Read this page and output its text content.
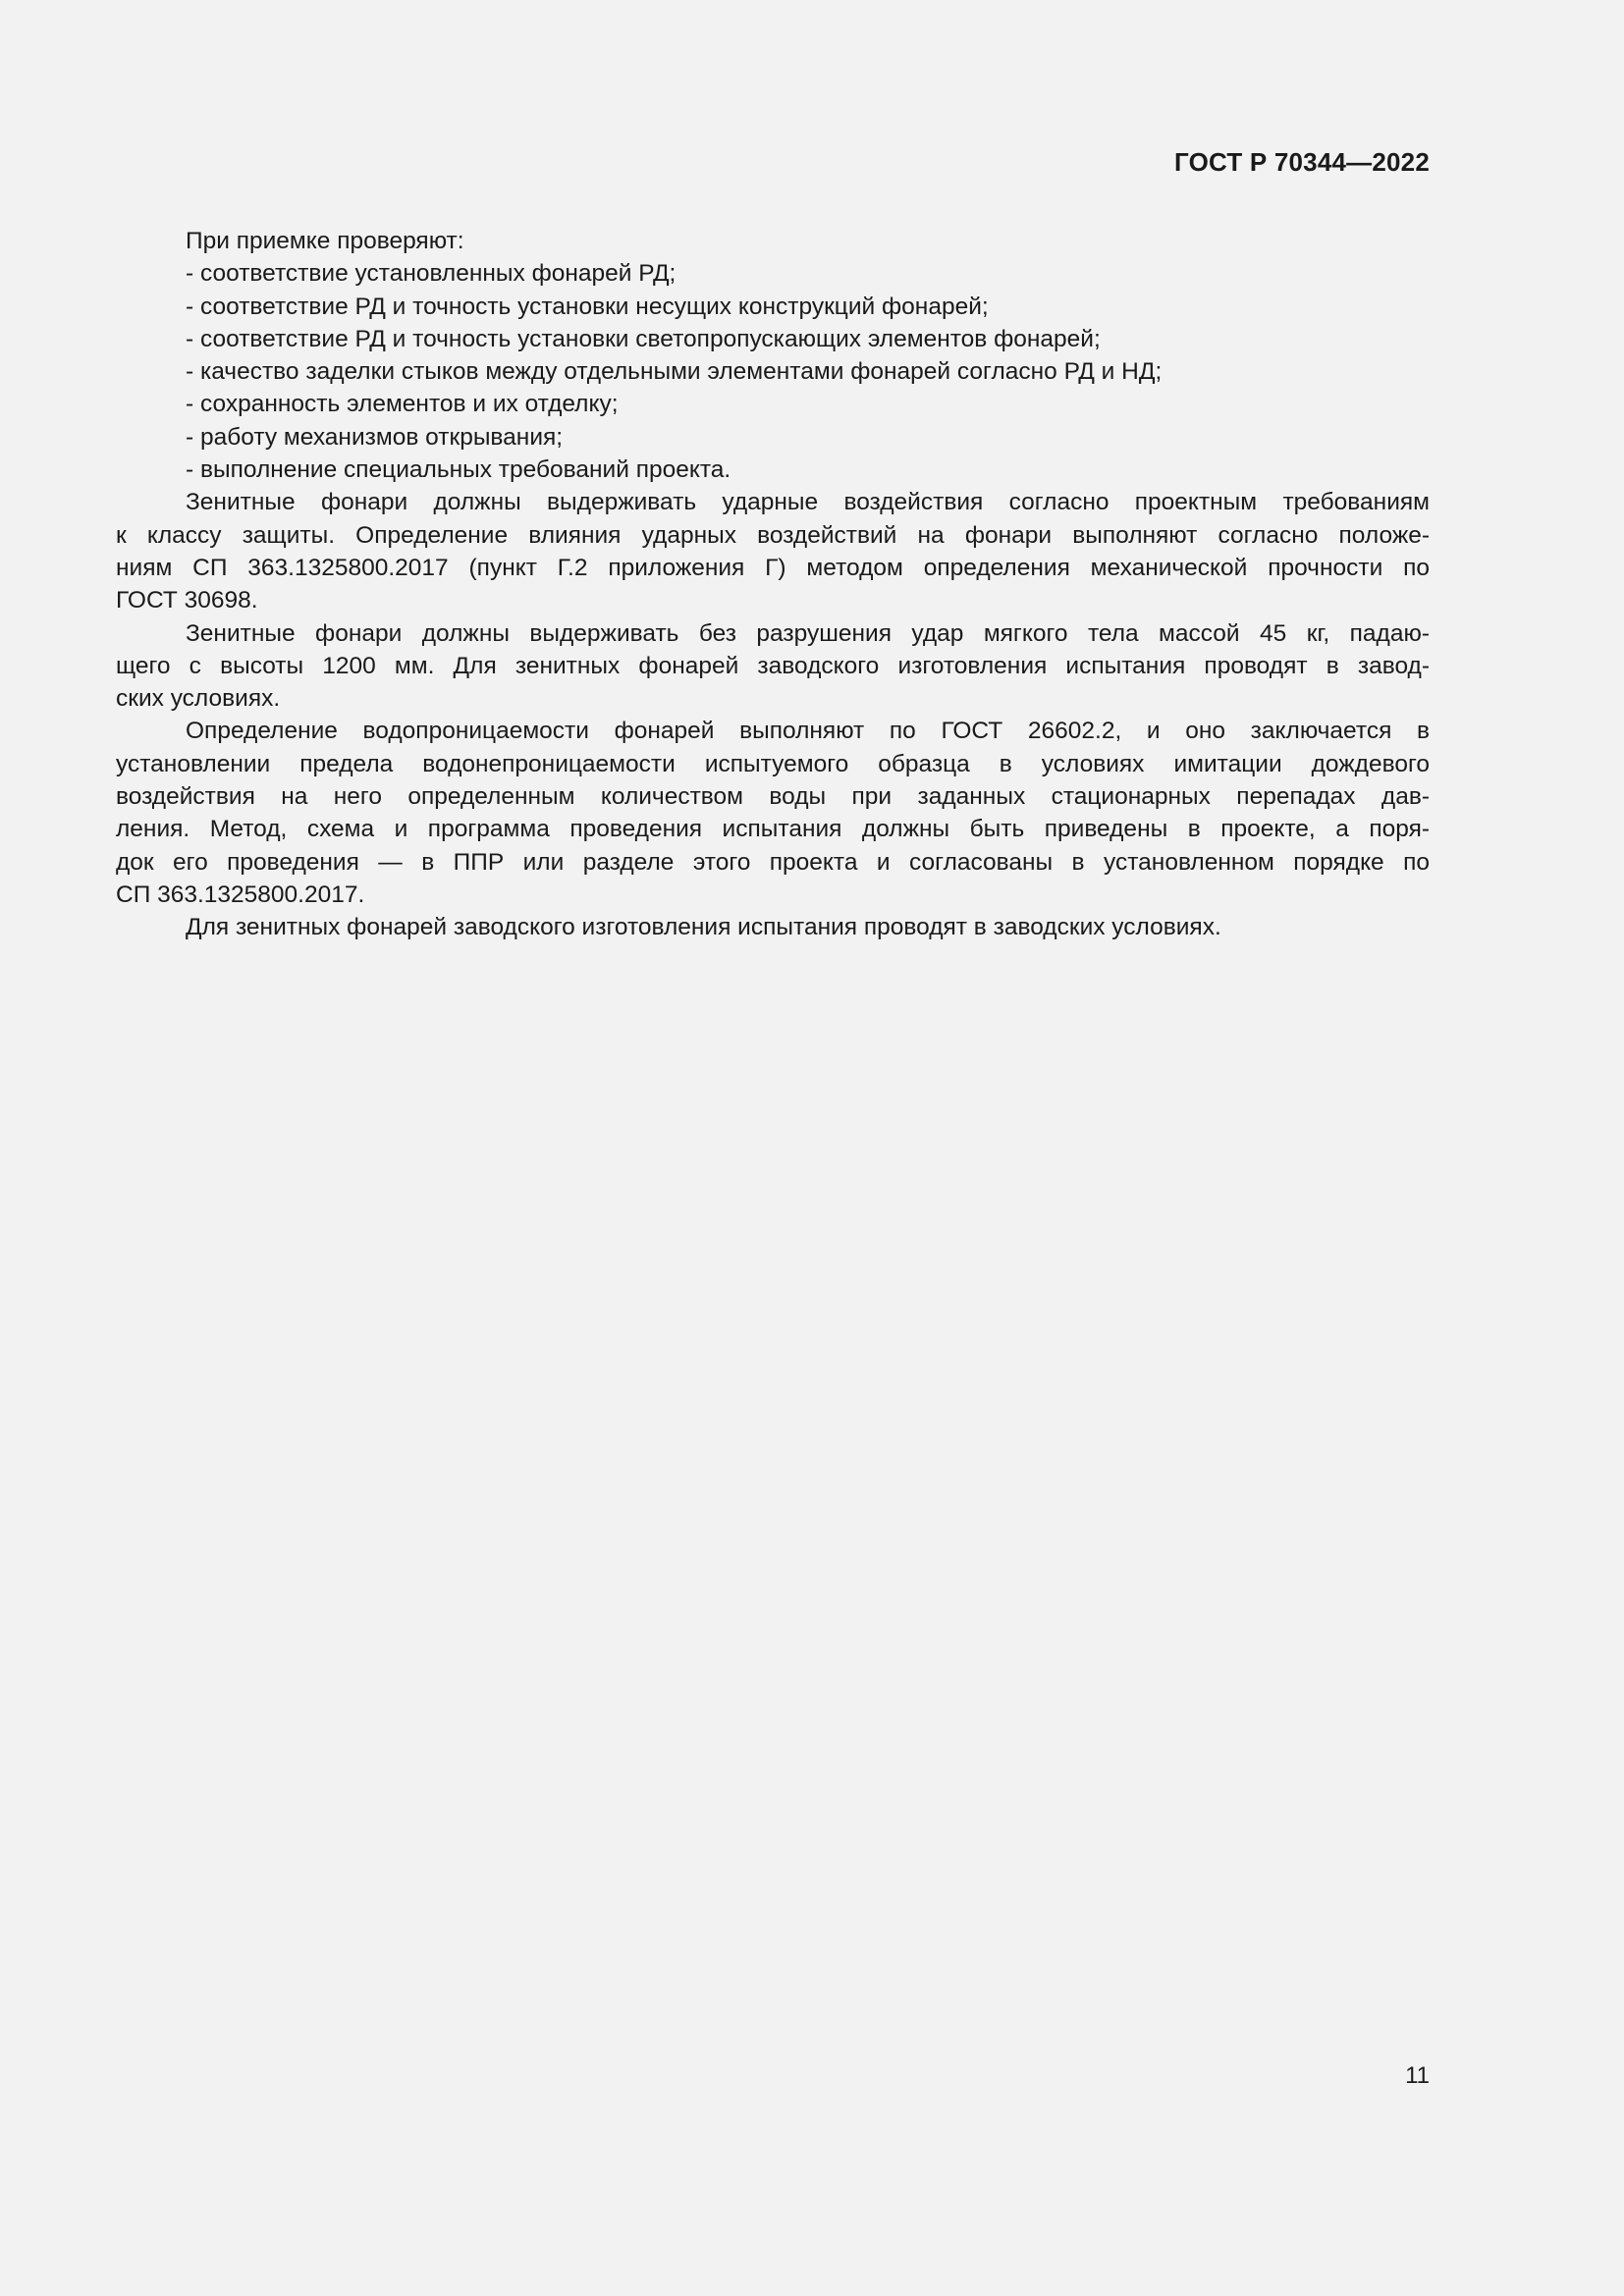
ГОСТ Р 70344—2022
При приемке проверяют:
- соответствие установленных фонарей РД;
- соответствие РД и точность установки несущих конструкций фонарей;
- соответствие РД и точность установки светопропускающих элементов фонарей;
- качество заделки стыков между отдельными элементами фонарей согласно РД и НД;
- сохранность элементов и их отделку;
- работу механизмов открывания;
- выполнение специальных требований проекта.
Зенитные фонари должны выдерживать ударные воздействия согласно проектным требованиям
к классу защиты. Определение влияния ударных воздействий на фонари выполняют согласно положе-
ниям СП 363.1325800.2017 (пункт Г.2 приложения Г) методом определения механической прочности по
ГОСТ 30698.
Зенитные фонари должны выдерживать без разрушения удар мягкого тела массой 45 кг, падаю-
щего с высоты 1200 мм. Для зенитных фонарей заводского изготовления испытания проводят в завод-
ских условиях.
Определение водопроницаемости фонарей выполняют по ГОСТ 26602.2, и оно заключается в
установлении предела водонепроницаемости испытуемого образца в условиях имитации дождевого
воздействия на него определенным количеством воды при заданных стационарных перепадах дав-
ления. Метод, схема и программа проведения испытания должны быть приведены в проекте, а поря-
док его проведения — в ППР или разделе этого проекта и согласованы в установленном порядке по
СП 363.1325800.2017.
Для зенитных фонарей заводского изготовления испытания проводят в заводских условиях.
11
